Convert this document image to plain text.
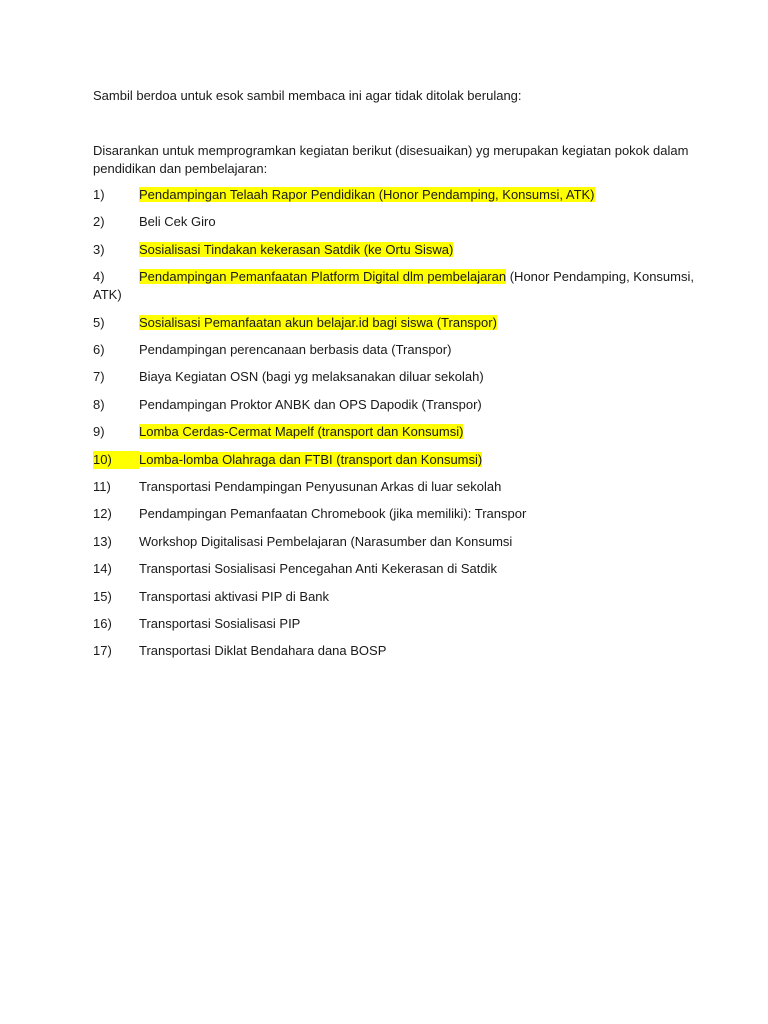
Sambil berdoa untuk esok sambil membaca ini agar tidak ditolak berulang:
Disarankan untuk memprogramkan kegiatan berikut (disesuaikan) yg merupakan kegiatan pokok dalam pendidikan dan pembelajaran:
1)	Pendampingan Telaah Rapor Pendidikan (Honor Pendamping, Konsumsi, ATK)
2)	Beli Cek Giro
3)	Sosialisasi Tindakan kekerasan Satdik (ke Ortu Siswa)
4)	Pendampingan Pemanfaatan Platform Digital dlm pembelajaran (Honor Pendamping, Konsumsi,
ATK)
5)	Sosialisasi Pemanfaatan akun belajar.id bagi siswa (Transpor)
6)	Pendampingan perencanaan berbasis data (Transpor)
7)	Biaya Kegiatan OSN (bagi yg melaksanakan diluar sekolah)
8)	Pendampingan Proktor ANBK dan OPS Dapodik (Transpor)
9)	Lomba Cerdas-Cermat Mapelf (transport dan Konsumsi)
10)	Lomba-lomba Olahraga dan FTBI (transport dan Konsumsi)
11)	Transportasi Pendampingan Penyusunan Arkas di luar sekolah
12)	Pendampingan Pemanfaatan Chromebook (jika memiliki): Transpor
13)	Workshop Digitalisasi Pembelajaran (Narasumber dan Konsumsi
14)	Transportasi Sosialisasi Pencegahan Anti Kekerasan di Satdik
15)	Transportasi aktivasi PIP di Bank
16)	Transportasi Sosialisasi PIP
17)	Transportasi Diklat Bendahara dana BOSP
